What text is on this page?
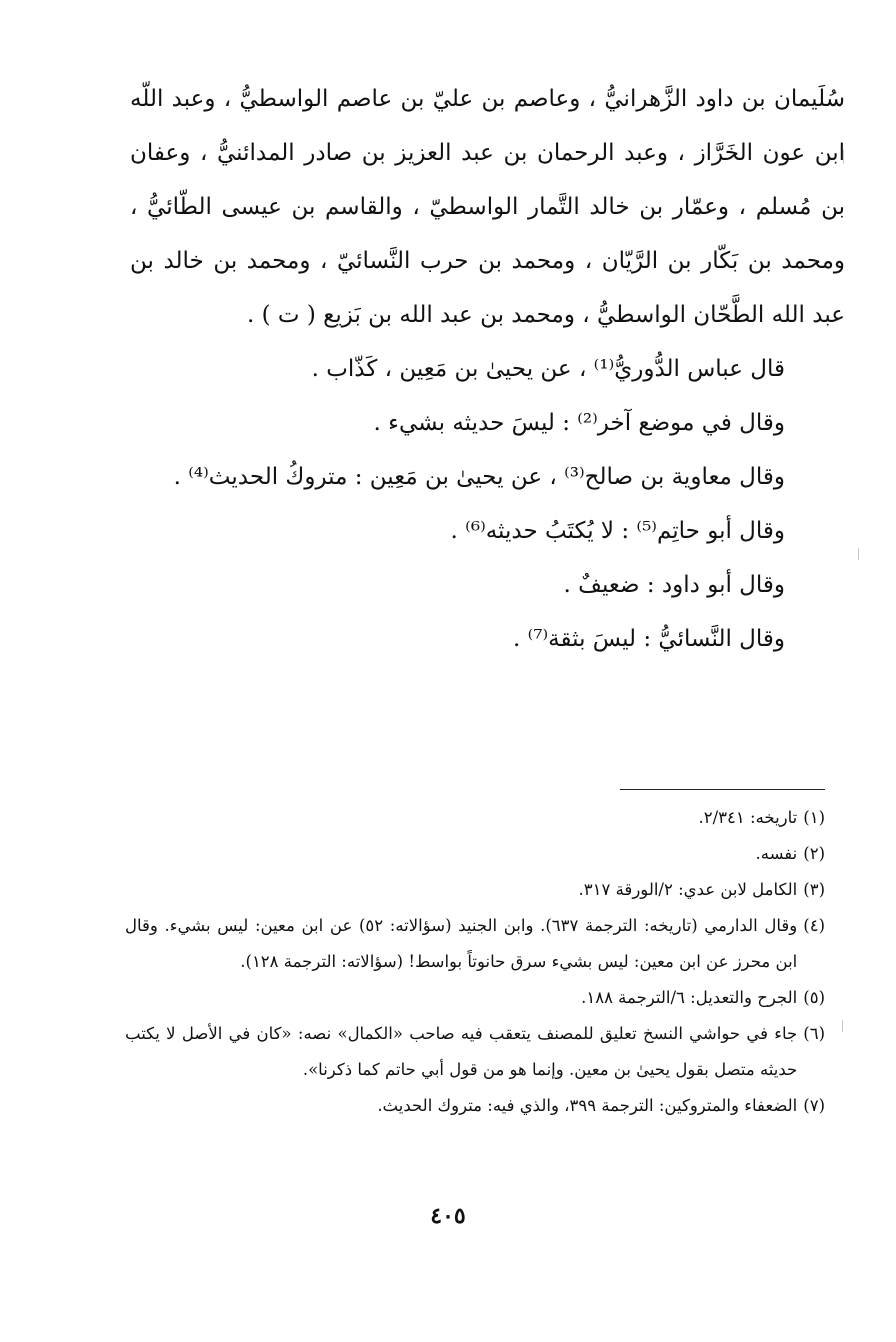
سُلَيمان بن داود الزَّهرانيُّ ، وعاصم بن عليّ بن عاصم الواسطيُّ ، وعبد اللّه ابن عون الخَرَّاز ، وعبد الرحمان بن عبد العزيز بن صادر المدائنيُّ ، وعفان بن مُسلم ، وعمّار بن خالد التَّمار الواسطيّ ، والقاسم بن عيسى الطّائيُّ ، ومحمد بن بَكّار بن الرَّيّان ، ومحمد بن حرب النَّسائيّ ، ومحمد بن خالد بن عبد الله الطَّحّان الواسطيُّ ، ومحمد بن عبد الله بن بَزيع ( ت ) .

قال عباس الدُّوريُّ⁽¹⁾ ، عن يحيىٰ بن مَعِين ، كَذّاب .

وقال في موضع آخر⁽²⁾ : ليسَ حديثه بشيء .

وقال معاوية بن صالح⁽³⁾ ، عن يحيىٰ بن مَعِين : متروكُ الحديث⁽⁴⁾ .

وقال أبو حاتِم⁽⁵⁾ : لا يُكتَبُ حديثه⁽⁶⁾ .

وقال أبو داود : ضعيفٌ .

وقال النَّسائيُّ : ليسَ بثقة⁽⁷⁾ .

(١)
تاريخه: ٢/٣٤١.
(٢)
نفسه.
(٣)
الكامل لابن عدي: ٢/الورقة ٣١٧.
(٤)
وقال الدارمي (تاريخه: الترجمة ٦٣٧). وابن الجنيد (سؤالاته: ٥٢) عن ابن معين: ليس بشيء. وقال ابن محرز عن ابن معين: ليس بشيء سرق حانوتاً بواسط! (سؤالاته: الترجمة ١٢٨).
(٥)
الجرح والتعديل: ٦/الترجمة ١٨٨.
(٦)
جاء في حواشي النسخ تعليق للمصنف يتعقب فيه صاحب «الكمال» نصه: «كان في الأصل لا يكتب حديثه متصل بقول يحيىٰ بن معين. وإنما هو من قول أبي حاتم كما ذكرنا».
(٧)
الضعفاء والمتروكين: الترجمة ٣٩٩، والذي فيه: متروك الحديث.
٤٠٥
